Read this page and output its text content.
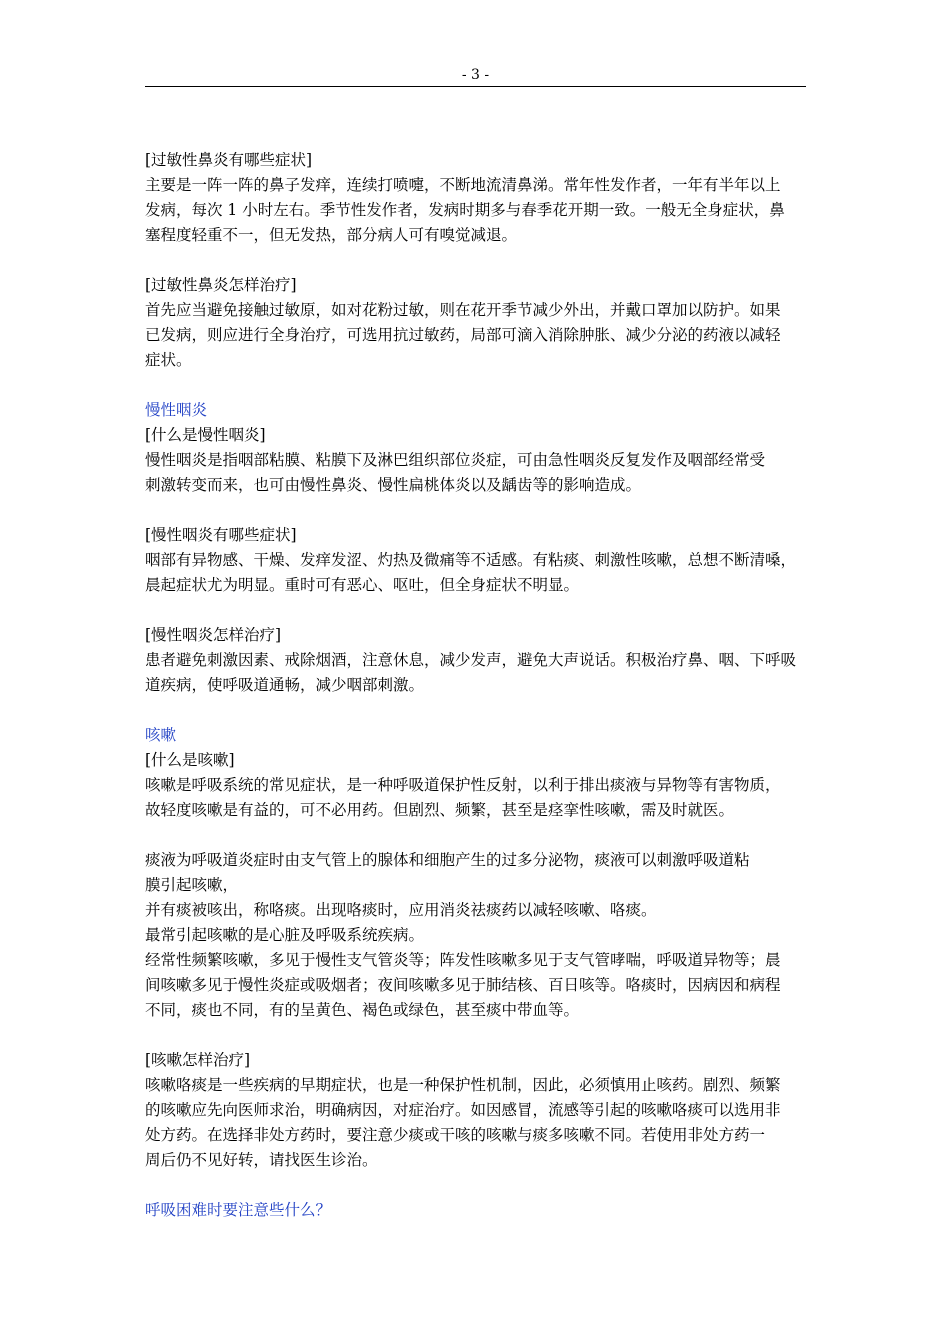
- 3 -

[过敏性鼻炎有哪些症状]

主要是一阵一阵的鼻子发痒，连续打喷嚏，不断地流清鼻涕。常年性发作者，一年有半年以上

发病，每次 1 小时左右。季节性发作者，发病时期多与春季花开期一致。一般无全身症状，鼻

塞程度轻重不一，但无发热，部分病人可有嗅觉减退。

[过敏性鼻炎怎样治疗]

首先应当避免接触过敏原，如对花粉过敏，则在花开季节减少外出，并戴口罩加以防护。如果

已发病，则应进行全身治疗，可选用抗过敏药，局部可滴入消除肿胀、减少分泌的药液以减轻

症状。

慢性咽炎

[什么是慢性咽炎]

慢性咽炎是指咽部粘膜、粘膜下及淋巴组织部位炎症，可由急性咽炎反复发作及咽部经常受

刺激转变而来，也可由慢性鼻炎、慢性扁桃体炎以及龋齿等的影响造成。

[慢性咽炎有哪些症状]

咽部有异物感、干燥、发痒发涩、灼热及微痛等不适感。有粘痰、刺激性咳嗽，总想不断清嗓，

晨起症状尤为明显。重时可有恶心、呕吐，但全身症状不明显。

[慢性咽炎怎样治疗]

患者避免刺激因素、戒除烟酒，注意休息，减少发声，避免大声说话。积极治疗鼻、咽、下呼吸

道疾病，使呼吸道通畅，减少咽部刺激。

咳嗽

[什么是咳嗽]

咳嗽是呼吸系统的常见症状，是一种呼吸道保护性反射，以利于排出痰液与异物等有害物质，

故轻度咳嗽是有益的，可不必用药。但剧烈、频繁，甚至是痉挛性咳嗽，需及时就医。

痰液为呼吸道炎症时由支气管上的腺体和细胞产生的过多分泌物，痰液可以刺激呼吸道粘

膜引起咳嗽，

并有痰被咳出，称咯痰。出现咯痰时，应用消炎祛痰药以减轻咳嗽、咯痰。

最常引起咳嗽的是心脏及呼吸系统疾病。

经常性频繁咳嗽，多见于慢性支气管炎等；阵发性咳嗽多见于支气管哮喘，呼吸道异物等；晨

间咳嗽多见于慢性炎症或吸烟者；夜间咳嗽多见于肺结核、百日咳等。咯痰时，因病因和病程

不同，痰也不同，有的呈黄色、褐色或绿色，甚至痰中带血等。

[咳嗽怎样治疗]

咳嗽咯痰是一些疾病的早期症状，也是一种保护性机制，因此，必须慎用止咳药。剧烈、频繁

的咳嗽应先向医师求治，明确病因，对症治疗。如因感冒，流感等引起的咳嗽咯痰可以选用非

处方药。在选择非处方药时，要注意少痰或干咳的咳嗽与痰多咳嗽不同。若使用非处方药一

周后仍不见好转，请找医生诊治。

呼吸困难时要注意些什么？
